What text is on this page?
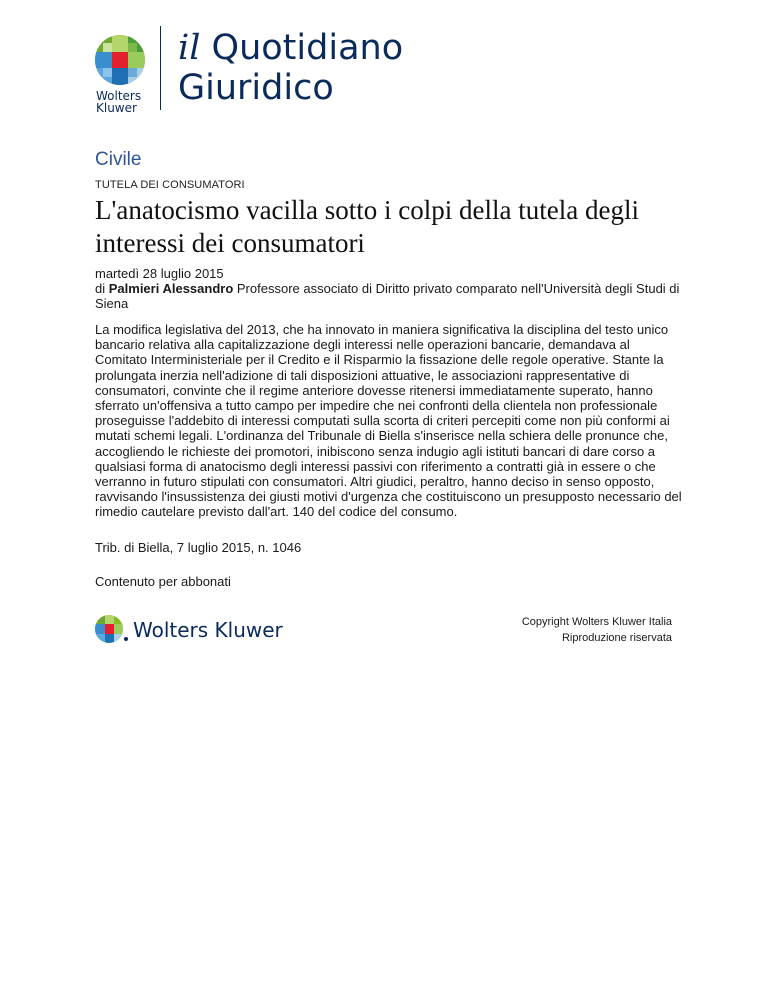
Wolters
Kluwer
il Quotidiano
Giuridico
Civile
TUTELA DEI CONSUMATORI
L'anatocismo vacilla sotto i colpi della tutela degli interessi dei consumatori
martedì 28 luglio 2015
di Palmieri Alessandro Professore associato di Diritto privato comparato nell'Università degli Studi di Siena

La modifica legislativa del 2013, che ha innovato in maniera significativa la disciplina del testo unico bancario relativa alla capitalizzazione degli interessi nelle operazioni bancarie, demandava al Comitato Interministeriale per il Credito e il Risparmio la fissazione delle regole operative. Stante la prolungata inerzia nell'adizione di tali disposizioni attuative, le associazioni rappresentative di consumatori, convinte che il regime anteriore dovesse ritenersi immediatamente superato, hanno sferrato un'offensiva a tutto campo per impedire che nei confronti della clientela non professionale proseguisse l'addebito di interessi computati sulla scorta di criteri percepiti come non più conformi ai mutati schemi legali. L'ordinanza del Tribunale di Biella s'inserisce nella schiera delle pronunce che, accogliendo le richieste dei promotori, inibiscono senza indugio agli istituti bancari di dare corso a qualsiasi forma di anatocismo degli interessi passivi con riferimento a contratti già in essere o che verranno in futuro stipulati con consumatori. Altri giudici, peraltro, hanno deciso in senso opposto, ravvisando l'insussistenza dei giusti motivi d'urgenza che costituiscono un presupposto necessario del rimedio cautelare previsto dall'art. 140 del codice del consumo.

Trib. di Biella, 7 luglio 2015, n. 1046
Contenuto per abbonati
Wolters Kluwer	Copyright Wolters Kluwer Italia
Riproduzione riservata
